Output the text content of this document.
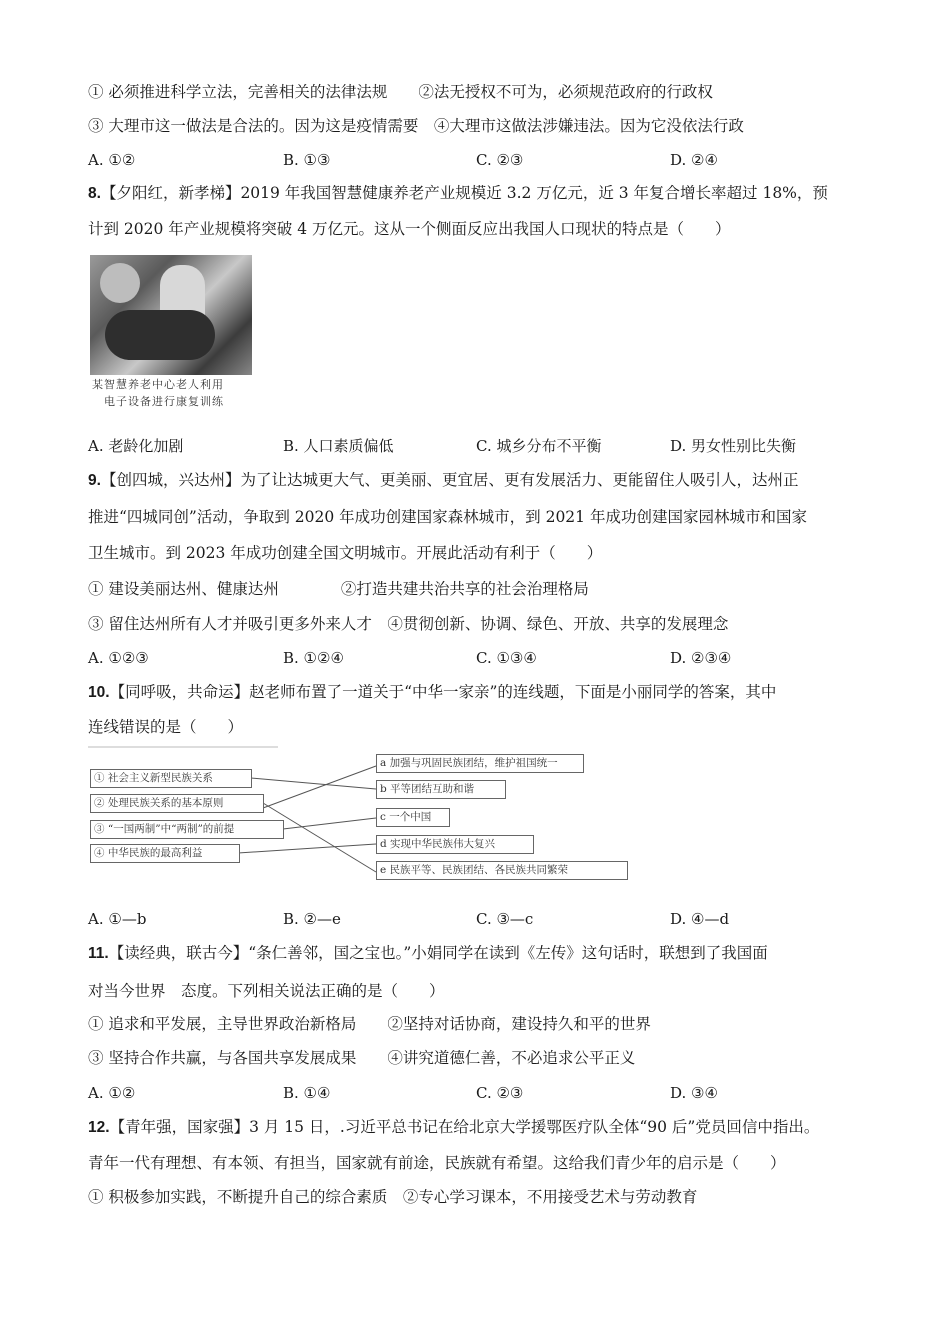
① 必须推进科学立法，完善相关的法律法规　　②法无授权不可为，必须规范政府的行政权
③ 大理市这一做法是合法的。因为这是疫情需要　④大理市这做法涉嫌违法。因为它没依法行政
A. ①②	B. ①③	C. ②③	D. ②④
8.【夕阳红，新孝梯】2019 年我国智慧健康养老产业规模近 3.2 万亿元，近 3 年复合增长率超过 18%，预
计到 2020 年产业规模将突破 4 万亿元。这从一个侧面反应出我国人口现状的特点是（　　）
某智慧养老中心老人利用
电子设备进行康复训练
A. 老龄化加剧	B. 人口素质偏低	C. 城乡分布不平衡	D. 男女性别比失衡
9.【创四城，兴达州】为了让达城更大气、更美丽、更宜居、更有发展活力、更能留住人吸引人，达州正
推进“四城同创”活动，争取到 2020 年成功创建国家森林城市，到 2021 年成功创建国家园林城市和国家
卫生城市。到 2023 年成功创建全国文明城市。开展此活动有利于（　　）
① 建设美丽达州、健康达州　　　　②打造共建共治共享的社会治理格局
③ 留住达州所有人才并吸引更多外来人才　④贯彻创新、协调、绿色、开放、共享的发展理念
A. ①②③	B. ①②④	C. ①③④	D. ②③④
10.【同呼吸，共命运】赵老师布置了一道关于“中华一家亲”的连线题，下面是小丽同学的答案，其中
连线错误的是（　　）
① 社会主义新型民族关系
② 处理民族关系的基本原则
③ “一国两制”中“两制”的前提
④ 中华民族的最高利益
a 加强与巩固民族团结，维护祖国统一
b 平等团结互助和谐
c 一个中国
d 实现中华民族伟大复兴
e 民族平等、民族团结、各民族共同繁荣
A. ①—b	B. ②—e	C. ③—c	D. ④—d
11.【读经典，联古今】“条仁善邻，国之宝也。”小娟同学在读到《左传》这句话时，联想到了我国面
对当今世界　态度。下列相关说法正确的是（　　）
① 追求和平发展，主导世界政治新格局　　②坚持对话协商，建设持久和平的世界
③ 坚持合作共赢，与各国共享发展成果　　④讲究道德仁善，不必追求公平正义
A. ①②	B. ①④	C. ②③	D. ③④
12.【青年强，国家强】3 月 15 日，.习近平总书记在给北京大学援鄂医疗队全体“90 后”党员回信中指出。
青年一代有理想、有本领、有担当，国家就有前途，民族就有希望。这给我们青少年的启示是（　　）
① 积极参加实践，不断提升自己的综合素质　②专心学习课本，不用接受艺术与劳动教育
